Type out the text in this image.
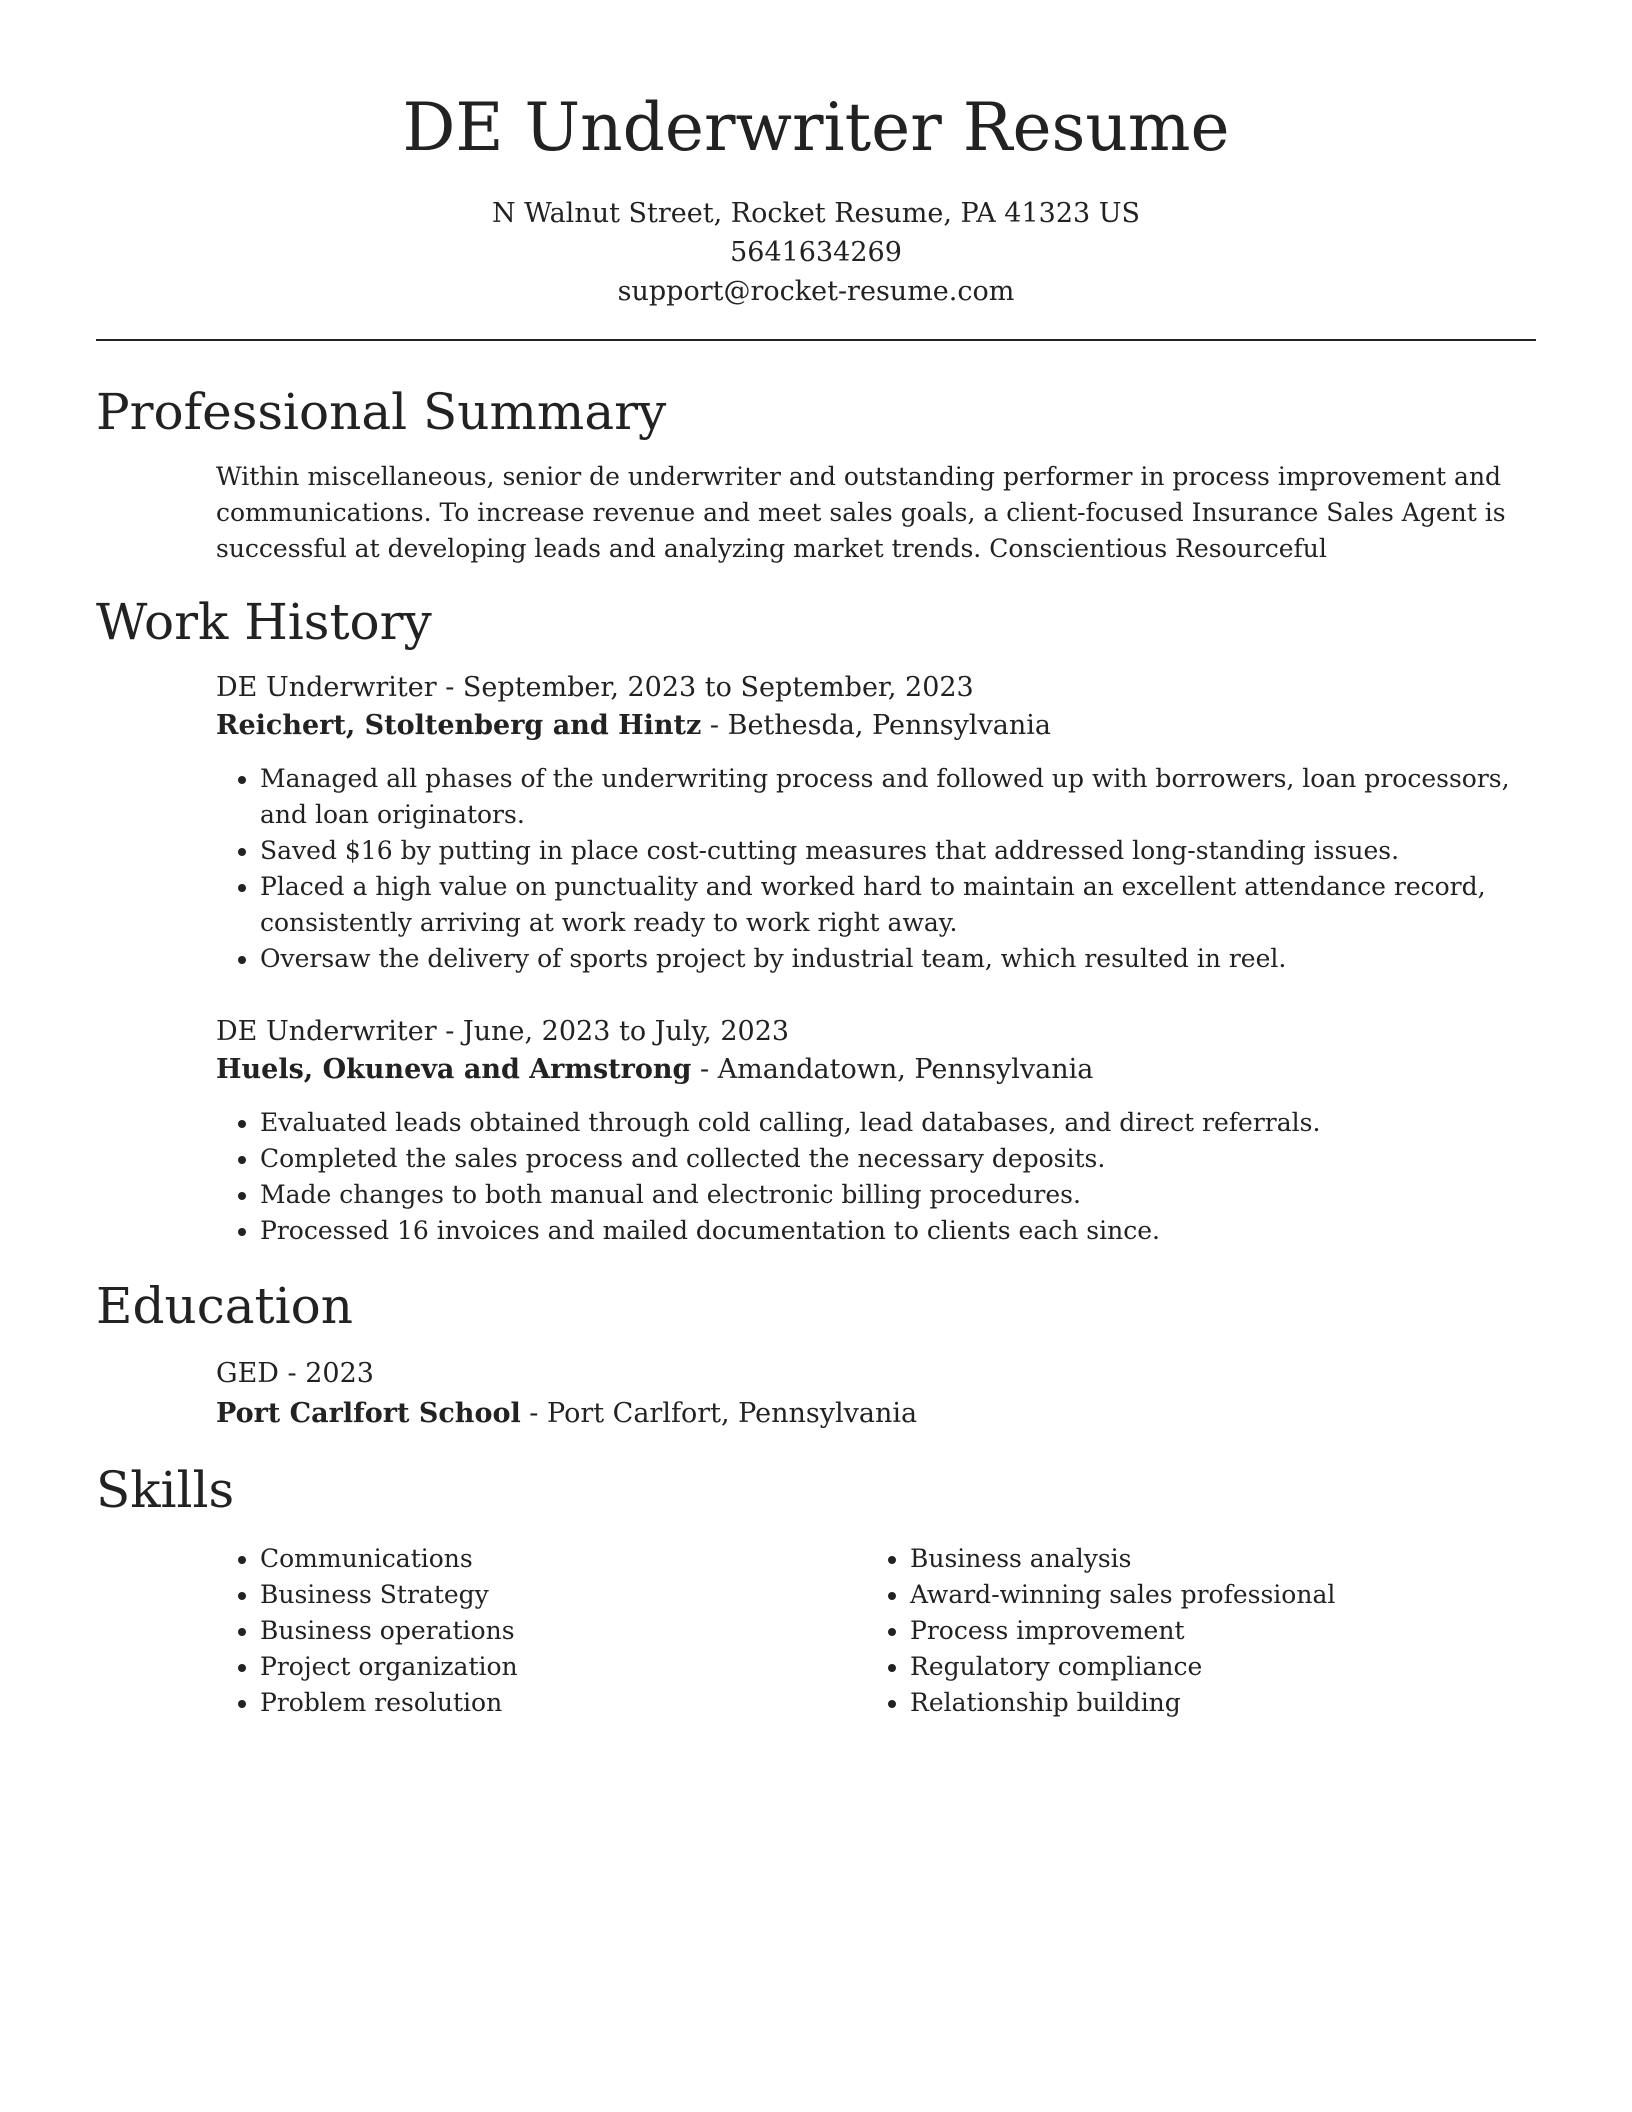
DE Underwriter Resume
N Walnut Street, Rocket Resume, PA 41323 US
5641634269
support@rocket-resume.com
Professional Summary

Within miscellaneous, senior de underwriter and outstanding performer in process improvement and communications. To increase revenue and meet sales goals, a client-focused Insurance Sales Agent is successful at developing leads and analyzing market trends. Conscientious Resourceful

Work History
DE Underwriter - September, 2023 to September, 2023
Reichert, Stoltenberg and Hintz - Bethesda, Pennsylvania
• Managed all phases of the underwriting process and followed up with borrowers, loan processors, and loan originators.
• Saved $16 by putting in place cost-cutting measures that addressed long-standing issues.
• Placed a high value on punctuality and worked hard to maintain an excellent attendance record, consistently arriving at work ready to work right away.
• Oversaw the delivery of sports project by industrial team, which resulted in reel.
DE Underwriter - June, 2023 to July, 2023
Huels, Okuneva and Armstrong - Amandatown, Pennsylvania
• Evaluated leads obtained through cold calling, lead databases, and direct referrals.
• Completed the sales process and collected the necessary deposits.
• Made changes to both manual and electronic billing procedures.
• Processed 16 invoices and mailed documentation to clients each since.
Education
GED - 2023
Port Carlfort School - Port Carlfort, Pennsylvania
Skills
• Communications
• Business Strategy
• Business operations
• Project organization
• Problem resolution
• Business analysis
• Award-winning sales professional
• Process improvement
• Regulatory compliance
• Relationship building
